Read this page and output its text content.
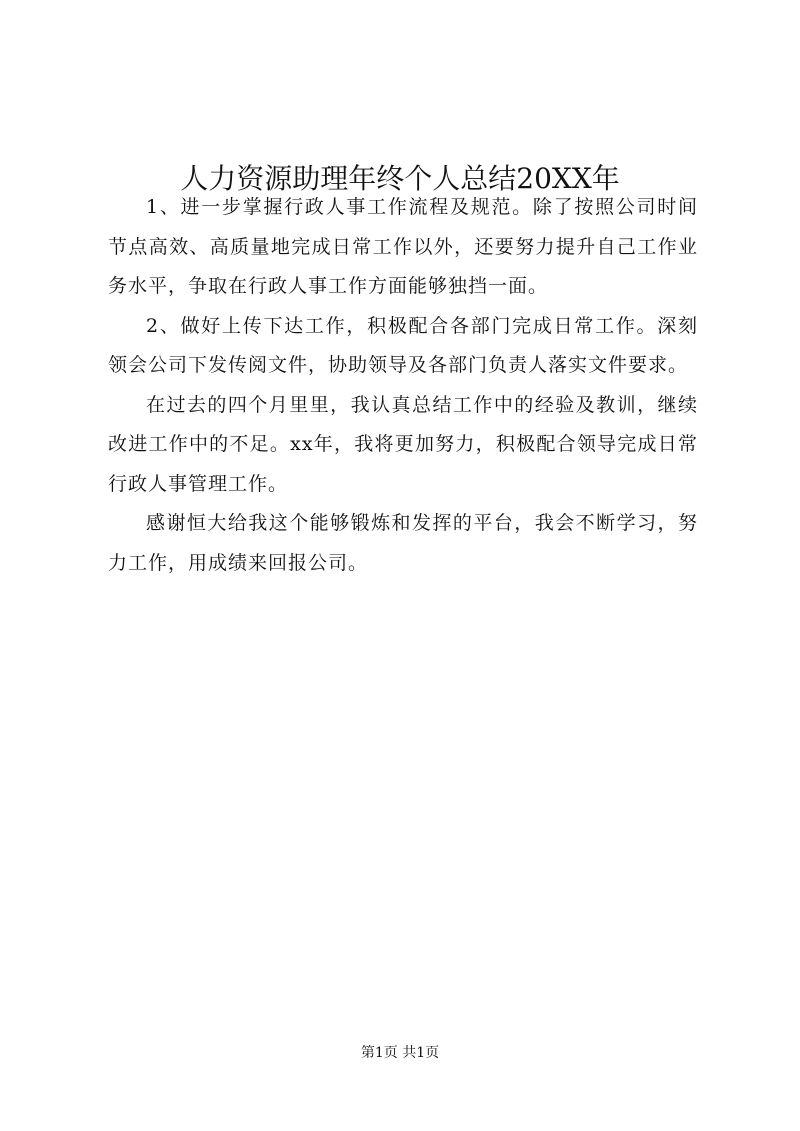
人力资源助理年终个人总结20XX年

1、进一步掌握行政人事工作流程及规范。除了按照公司时间节点高效、高质量地完成日常工作以外，还要努力提升自己工作业务水平，争取在行政人事工作方面能够独挡一面。

2、做好上传下达工作，积极配合各部门完成日常工作。深刻领会公司下发传阅文件，协助领导及各部门负责人落实文件要求。

在过去的四个月里里，我认真总结工作中的经验及教训，继续改进工作中的不足。xx年，我将更加努力，积极配合领导完成日常行政人事管理工作。

感谢恒大给我这个能够锻炼和发挥的平台，我会不断学习，努力工作，用成绩来回报公司。

第1页 共1页
